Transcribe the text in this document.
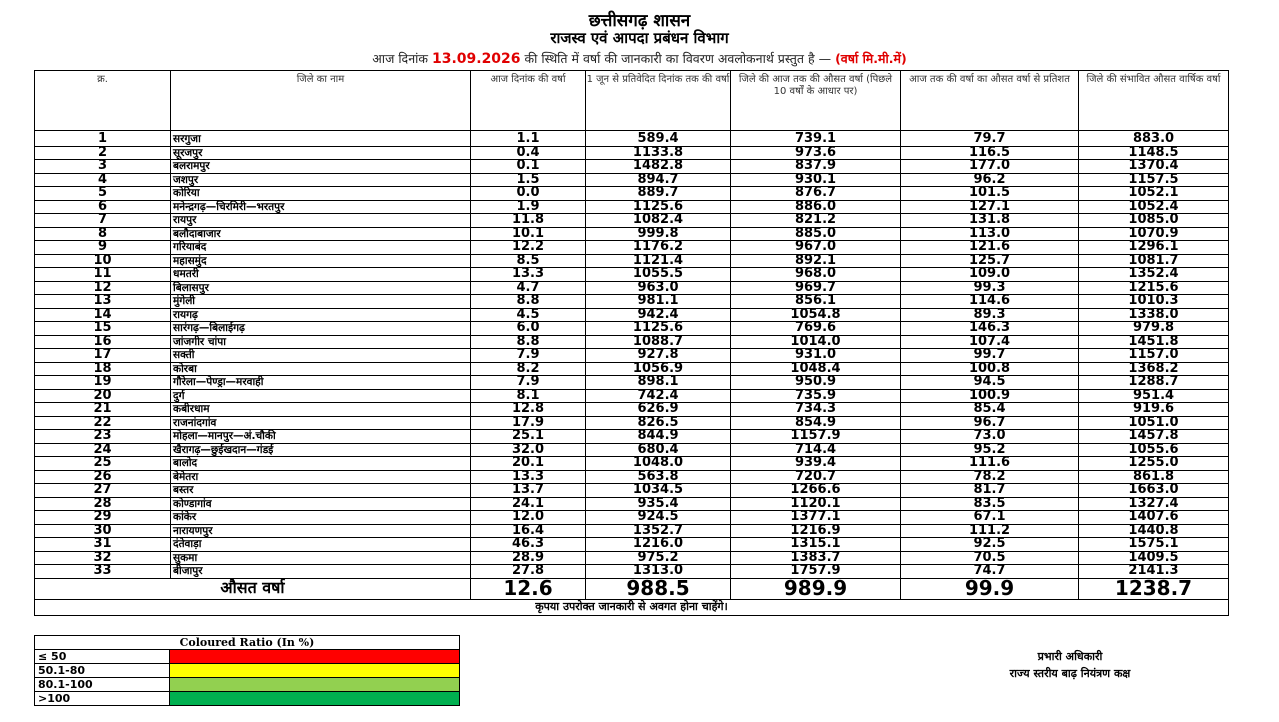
छत्तीसगढ़ शासन
राजस्व एवं आपदा प्रबंधन विभाग
आज दिनांक 13.09.2026 की स्थिति में वर्षा की जानकारी का विवरण अवलोकनार्थ प्रस्तुत है — (वर्षा मि.मी.में)
क्र.	जिले का नाम	आज दिनांक की वर्षा	1 जून से प्रतिवेदित दिनांक तक की वर्षा	जिले की आज तक की औसत वर्षा (पिछले 10 वर्षों के आधार पर)	आज तक की वर्षा का औसत वर्षा से प्रतिशत	जिले की संभावित औसत वार्षिक वर्षा
1	सरगुजा	1.1	589.4	739.1	79.7	883.0
2	सूरजपुर	0.4	1133.8	973.6	116.5	1148.5
3	बलरामपुर	0.1	1482.8	837.9	177.0	1370.4
4	जशपुर	1.5	894.7	930.1	96.2	1157.5
5	कोरिया	0.0	889.7	876.7	101.5	1052.1
6	मनेन्द्रगढ़—चिरमिरी—भरतपुर	1.9	1125.6	886.0	127.1	1052.4
7	रायपुर	11.8	1082.4	821.2	131.8	1085.0
8	बलौदाबाजार	10.1	999.8	885.0	113.0	1070.9
9	गरियाबंद	12.2	1176.2	967.0	121.6	1296.1
10	महासमुंद	8.5	1121.4	892.1	125.7	1081.7
11	धमतरी	13.3	1055.5	968.0	109.0	1352.4
12	बिलासपुर	4.7	963.0	969.7	99.3	1215.6
13	मुंगेली	8.8	981.1	856.1	114.6	1010.3
14	रायगढ़	4.5	942.4	1054.8	89.3	1338.0
15	सारंगढ़—बिलाईगढ़	6.0	1125.6	769.6	146.3	979.8
16	जांजगीर चांपा	8.8	1088.7	1014.0	107.4	1451.8
17	सक्ती	7.9	927.8	931.0	99.7	1157.0
18	कोरबा	8.2	1056.9	1048.4	100.8	1368.2
19	गौरेला—पेण्ड्रा—मरवाही	7.9	898.1	950.9	94.5	1288.7
20	दुर्ग	8.1	742.4	735.9	100.9	951.4
21	कबीरधाम	12.8	626.9	734.3	85.4	919.6
22	राजनांदगांव	17.9	826.5	854.9	96.7	1051.0
23	मोहला—मानपुर—अं.चौकी	25.1	844.9	1157.9	73.0	1457.8
24	खैरागढ़—छुईखदान—गंडई	32.0	680.4	714.4	95.2	1055.6
25	बालोद	20.1	1048.0	939.4	111.6	1255.0
26	बेमेतरा	13.3	563.8	720.7	78.2	861.8
27	बस्तर	13.7	1034.5	1266.6	81.7	1663.0
28	कोण्डागांव	24.1	935.4	1120.1	83.5	1327.4
29	कांकेर	12.0	924.5	1377.1	67.1	1407.6
30	नारायणपुर	16.4	1352.7	1216.9	111.2	1440.8
31	दंतेवाड़ा	46.3	1216.0	1315.1	92.5	1575.1
32	सुकमा	28.9	975.2	1383.7	70.5	1409.5
33	बीजापुर	27.8	1313.0	1757.9	74.7	2141.3
औसत वर्षा		12.6	988.5	989.9	99.9	1238.7
कृपया उपरोक्त जानकारी से अवगत होना चाहेंगे।						
Coloured Ratio (In %)	
≤ 50	
50.1-80	
80.1-100	
>100	
प्रभारी अधिकारी
राज्य स्तरीय बाढ़ नियंत्रण कक्ष
